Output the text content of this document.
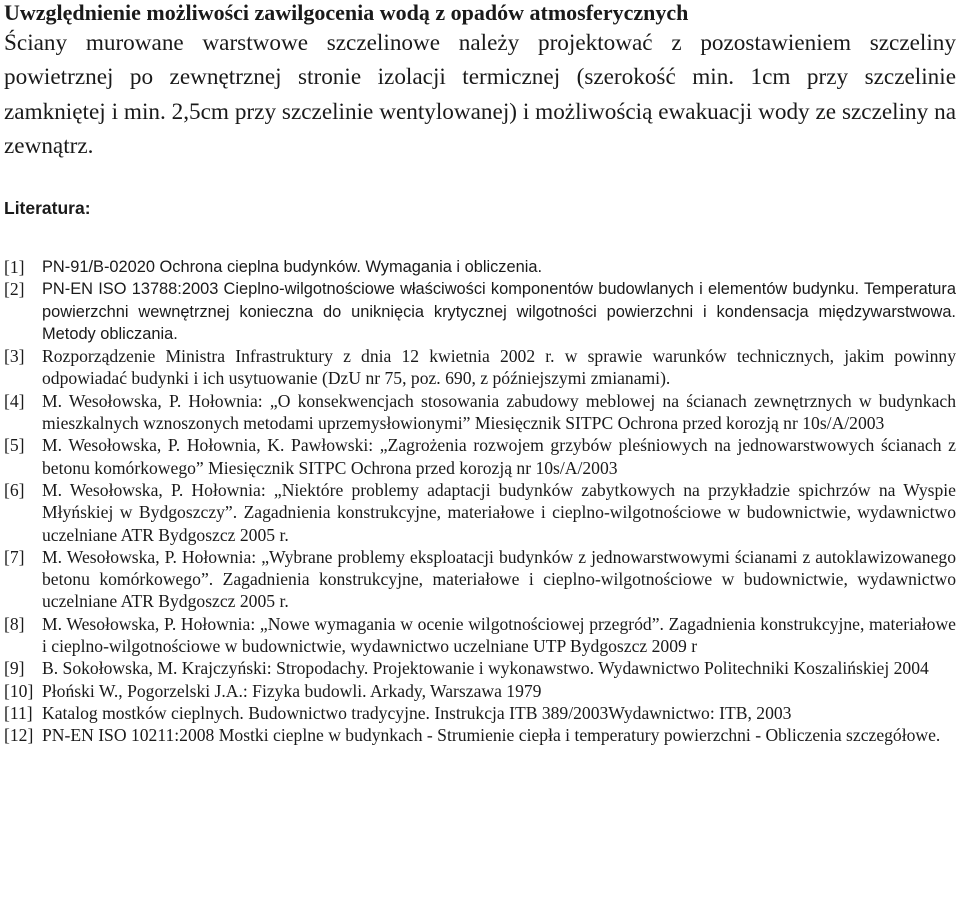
Uwzględnienie możliwości zawilgocenia wodą z opadów atmosferycznych

Ściany murowane warstwowe szczelinowe należy projektować z pozostawieniem szczeliny powietrznej po zewnętrznej stronie izolacji termicznej (szerokość min. 1cm przy szczelinie zamkniętej i min. 2,5cm przy szczelinie wentylowanej) i możliwością ewakuacji wody ze szczeliny na zewnątrz.

Literatura:
[1]	PN-91/B-02020 Ochrona cieplna budynków. Wymagania i obliczenia.
[2]	PN-EN ISO 13788:2003 Cieplno-wilgotnościowe właściwości komponentów budowlanych i elementów budynku. Temperatura powierzchni wewnętrznej konieczna do uniknięcia krytycznej wilgotności powierzchni i kondensacja międzywarstwowa. Metody obliczania.
[3] Rozporządzenie Ministra Infrastruktury z dnia 12 kwietnia 2002 r. w sprawie warunków technicznych, jakim powinny odpowiadać budynki i ich usytuowanie (DzU nr 75, poz. 690, z późniejszymi zmianami).
[4] M. Wesołowska, P. Hołownia: „O konsekwencjach stosowania zabudowy meblowej na ścianach zewnętrznych w budynkach mieszkalnych wznoszonych metodami uprzemysłowionymi” Miesięcznik SITPC Ochrona przed korozją nr 10s/A/2003
[5] M. Wesołowska, P. Hołownia, K. Pawłowski: „Zagrożenia rozwojem grzybów pleśniowych na jednowarstwowych ścianach z betonu komórkowego” Miesięcznik SITPC Ochrona przed korozją nr 10s/A/2003
[6] M. Wesołowska, P. Hołownia: „Niektóre problemy adaptacji budynków zabytkowych na przykładzie spichrzów na Wyspie Młyńskiej w Bydgoszczy”. Zagadnienia konstrukcyjne, materiałowe i cieplno-wilgotnościowe w budownictwie, wydawnictwo uczelniane ATR Bydgoszcz 2005 r.
[7] M. Wesołowska, P. Hołownia: „Wybrane problemy eksploatacji budynków z jednowarstwowymi ścianami z autoklawizowanego betonu komórkowego”. Zagadnienia konstrukcyjne, materiałowe i cieplno-wilgotnościowe w budownictwie, wydawnictwo uczelniane ATR Bydgoszcz 2005 r.
[8] M. Wesołowska, P. Hołownia: „Nowe wymagania w ocenie wilgotnościowej przegród”. Zagadnienia konstrukcyjne, materiałowe i cieplno-wilgotnościowe w budownictwie, wydawnictwo uczelniane UTP Bydgoszcz 2009 r
[9] B. Sokołowska, M. Krajczyński: Stropodachy. Projektowanie i wykonawstwo. Wydawnictwo Politechniki Koszalińskiej 2004
[10] Płoński W., Pogorzelski J.A.: Fizyka budowli. Arkady, Warszawa 1979
[11] Katalog mostków cieplnych. Budownictwo tradycyjne. Instrukcja ITB 389/2003Wydawnictwo: ITB, 2003
[12] PN-EN ISO 10211:2008 Mostki cieplne w budynkach - Strumienie ciepła i temperatury powierzchni - Obliczenia szczegółowe.
